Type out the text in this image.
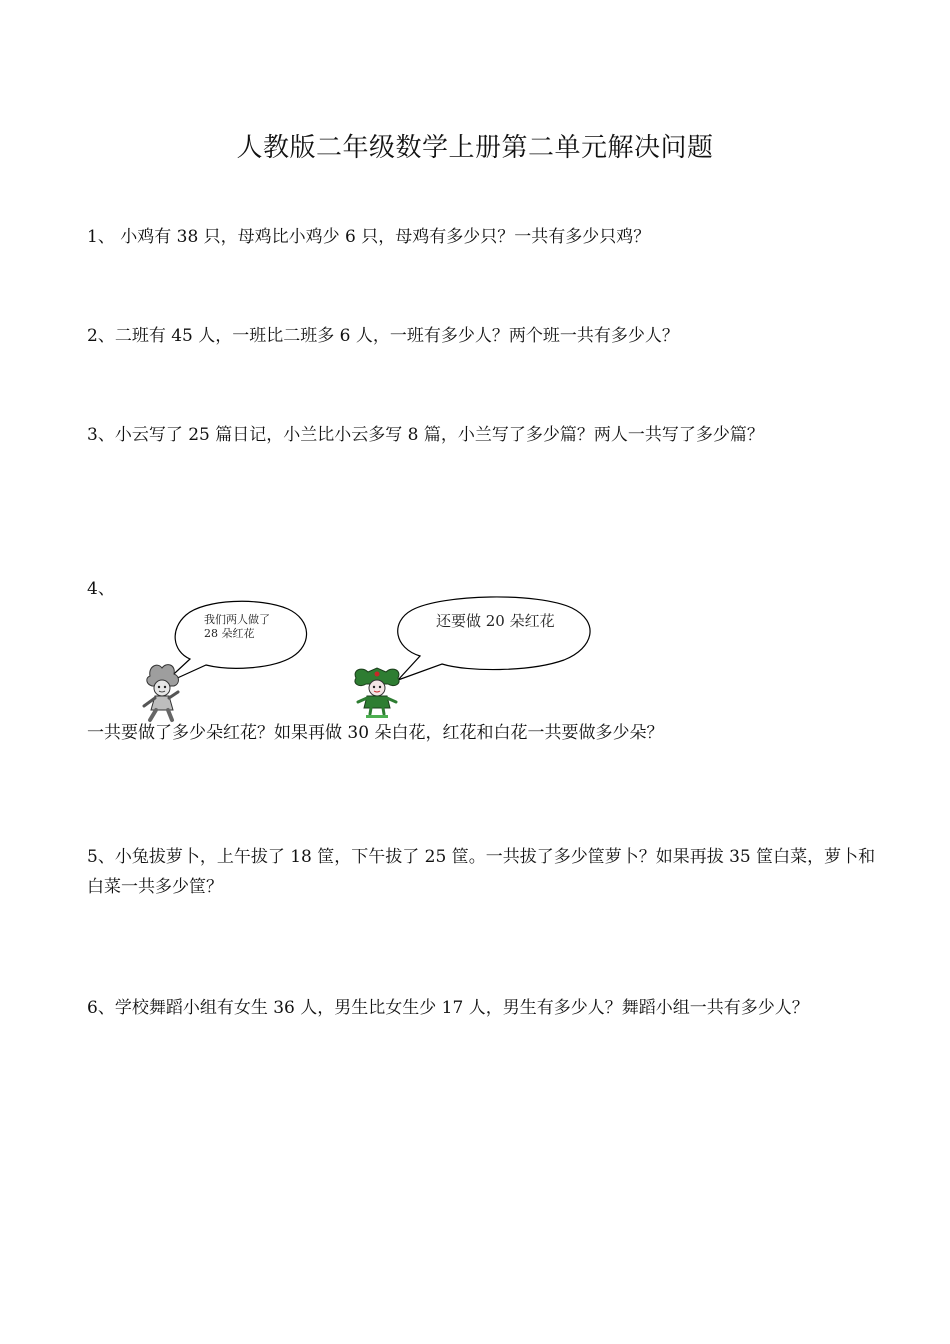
人教版二年级数学上册第二单元解决问题
1、 小鸡有 38 只，母鸡比小鸡少 6 只，母鸡有多少只？一共有多少只鸡？
2、二班有 45 人，一班比二班多 6 人，一班有多少人？两个班一共有多少人？
3、小云写了 25 篇日记，小兰比小云多写 8 篇，小兰写了多少篇？两人一共写了多少篇？
4、
我们两人做了 28 朵红花
还要做 20 朵红花
一共要做了多少朵红花？如果再做 30 朵白花，红花和白花一共要做多少朵？
5、小兔拔萝卜，上午拔了 18 筐，下午拔了 25 筐。一共拔了多少筐萝卜？如果再拔 35 筐白菜，萝卜和白菜一共多少筐？
6、学校舞蹈小组有女生 36 人，男生比女生少 17 人，男生有多少人？舞蹈小组一共有多少人？
